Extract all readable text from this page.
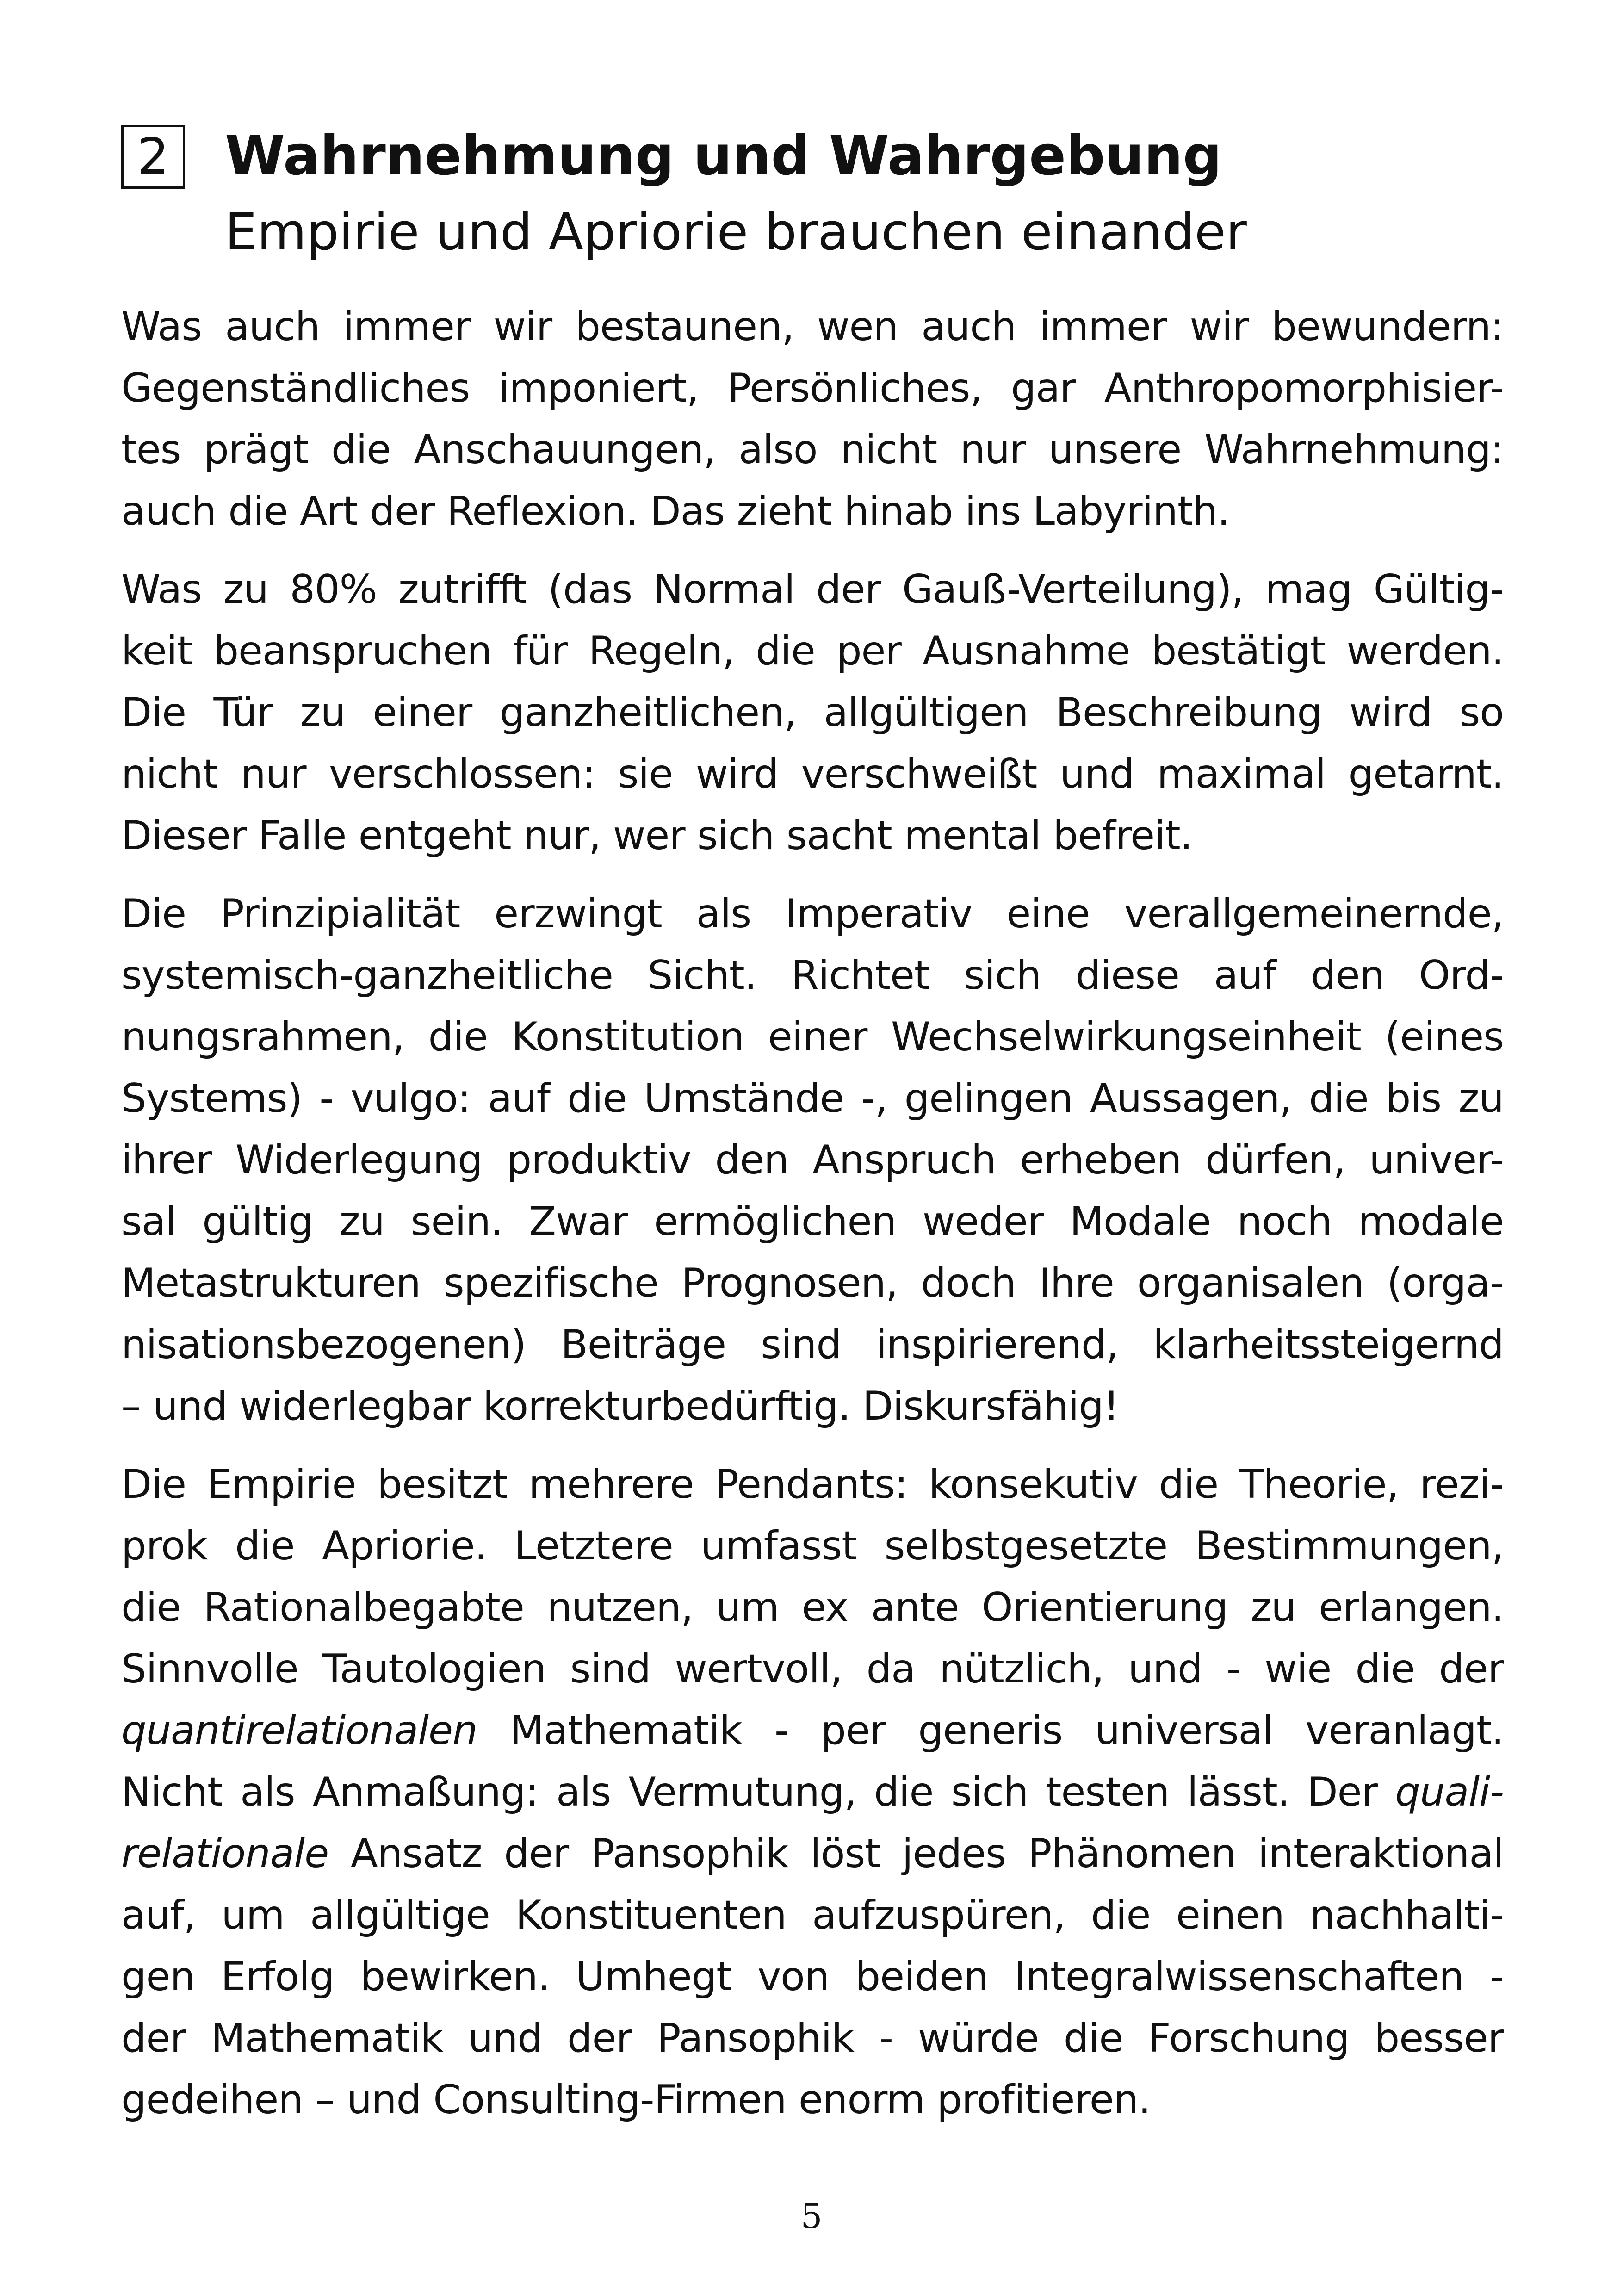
2 Wahrnehmung und Wahrgebung
Empirie und Apriorie brauchen einander

Was auch immer wir bestaunen, wen auch immer wir bewundern:
Gegenständliches imponiert, Persönliches, gar Anthropomorphisier-
tes prägt die Anschauungen, also nicht nur unsere Wahrnehmung:
auch die Art der Reflexion. Das zieht hinab ins Labyrinth.

Was zu 80% zutrifft (das Normal der Gauß-Verteilung), mag Gültig-
keit beanspruchen für Regeln, die per Ausnahme bestätigt werden.
Die Tür zu einer ganzheitlichen, allgültigen Beschreibung wird so
nicht nur verschlossen: sie wird verschweißt und maximal getarnt.
Dieser Falle entgeht nur, wer sich sacht mental befreit.

Die Prinzipialität erzwingt als Imperativ eine verallgemeinernde,
systemisch-ganzheitliche Sicht. Richtet sich diese auf den Ord-
nungsrahmen, die Konstitution einer Wechselwirkungseinheit (eines
Systems) - vulgo: auf die Umstände -, gelingen Aussagen, die bis zu
ihrer Widerlegung produktiv den Anspruch erheben dürfen, univer-
sal gültig zu sein. Zwar ermöglichen weder Modale noch modale
Metastrukturen spezifische Prognosen, doch Ihre organisalen (orga-
nisationsbezogenen) Beiträge sind inspirierend, klarheitssteigernd
– und widerlegbar korrekturbedürftig. Diskursfähig!

Die Empirie besitzt mehrere Pendants: konsekutiv die Theorie, rezi-
prok die Apriorie. Letztere umfasst selbstgesetzte Bestimmungen,
die Rationalbegabte nutzen, um ex ante Orientierung zu erlangen.
Sinnvolle Tautologien sind wertvoll, da nützlich, und - wie die der
quantirelationalen Mathematik - per generis universal veranlagt.
Nicht als Anmaßung: als Vermutung, die sich testen lässt. Der quali-
relationale Ansatz der Pansophik löst jedes Phänomen interaktional
auf, um allgültige Konstituenten aufzuspüren, die einen nachhalti-
gen Erfolg bewirken. Umhegt von beiden Integralwissenschaften -
der Mathematik und der Pansophik - würde die Forschung besser
gedeihen – und Consulting-Firmen enorm profitieren.

5
